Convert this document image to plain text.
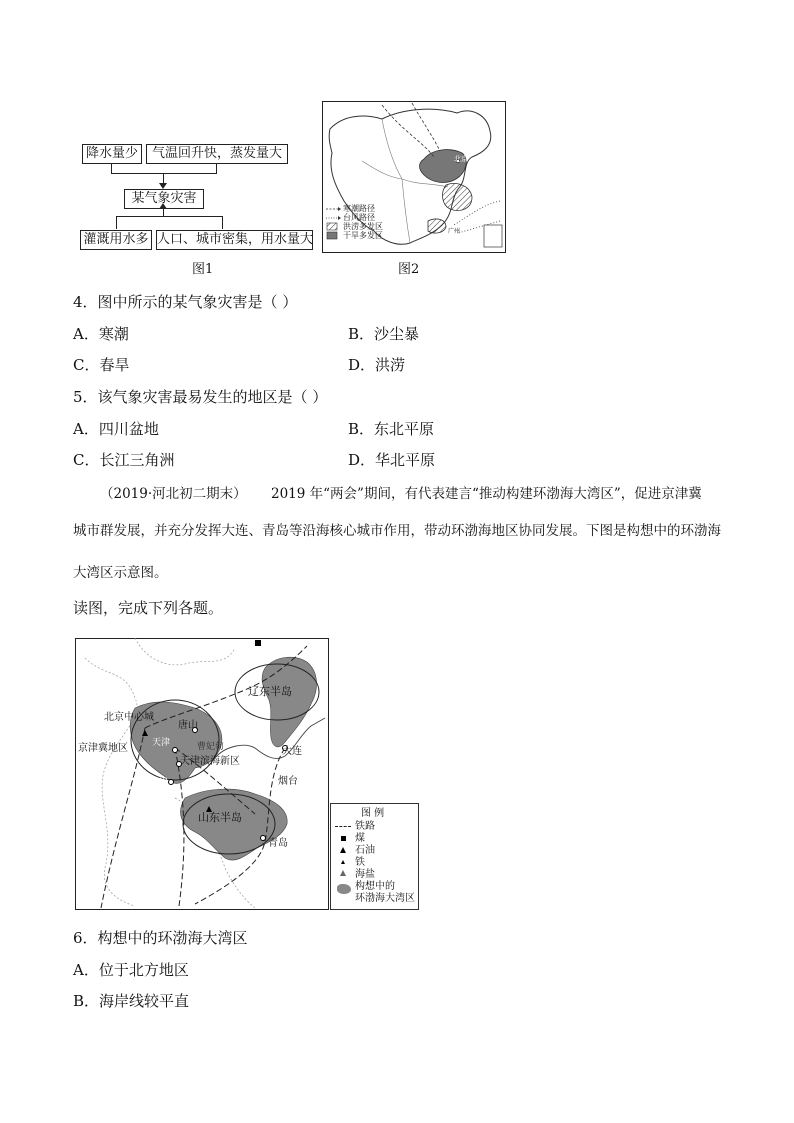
降水量少	气温回升快，蒸发量大
某气象灾害
灌溉用水多 人口、城市密集，用水量大
图1
北京
广州
寒潮路径
台风路径
洪涝多发区
干旱多发区
图2
4．图中所示的某气象灾害是（ ）
A．寒潮	B．沙尘暴
C．春旱	D．洪涝
5．该气象灾害最易发生的地区是（ ）
A．四川盆地	B．东北平原
C．长江三角洲	D．华北平原
（2019·河北初二期末） 2019 年“两会”期间，有代表建言“推动构建环渤海大湾区”，促进京津冀
城市群发展，并充分发挥大连、青岛等沿海核心城市作用，带动环渤海地区协同发展。下图是构想中的环渤海
大湾区示意图。
读图，完成下列各题。
北京中心城
京津冀地区
唐山
曹妃甸
天津
天津滨海新区
沧州
辽东半岛
大连
烟台
山东半岛
青岛
图 例
铁路
煤
石油
铁
海盐
构想中的
环渤海大湾区
6．构想中的环渤海大湾区
A．位于北方地区
B．海岸线较平直
